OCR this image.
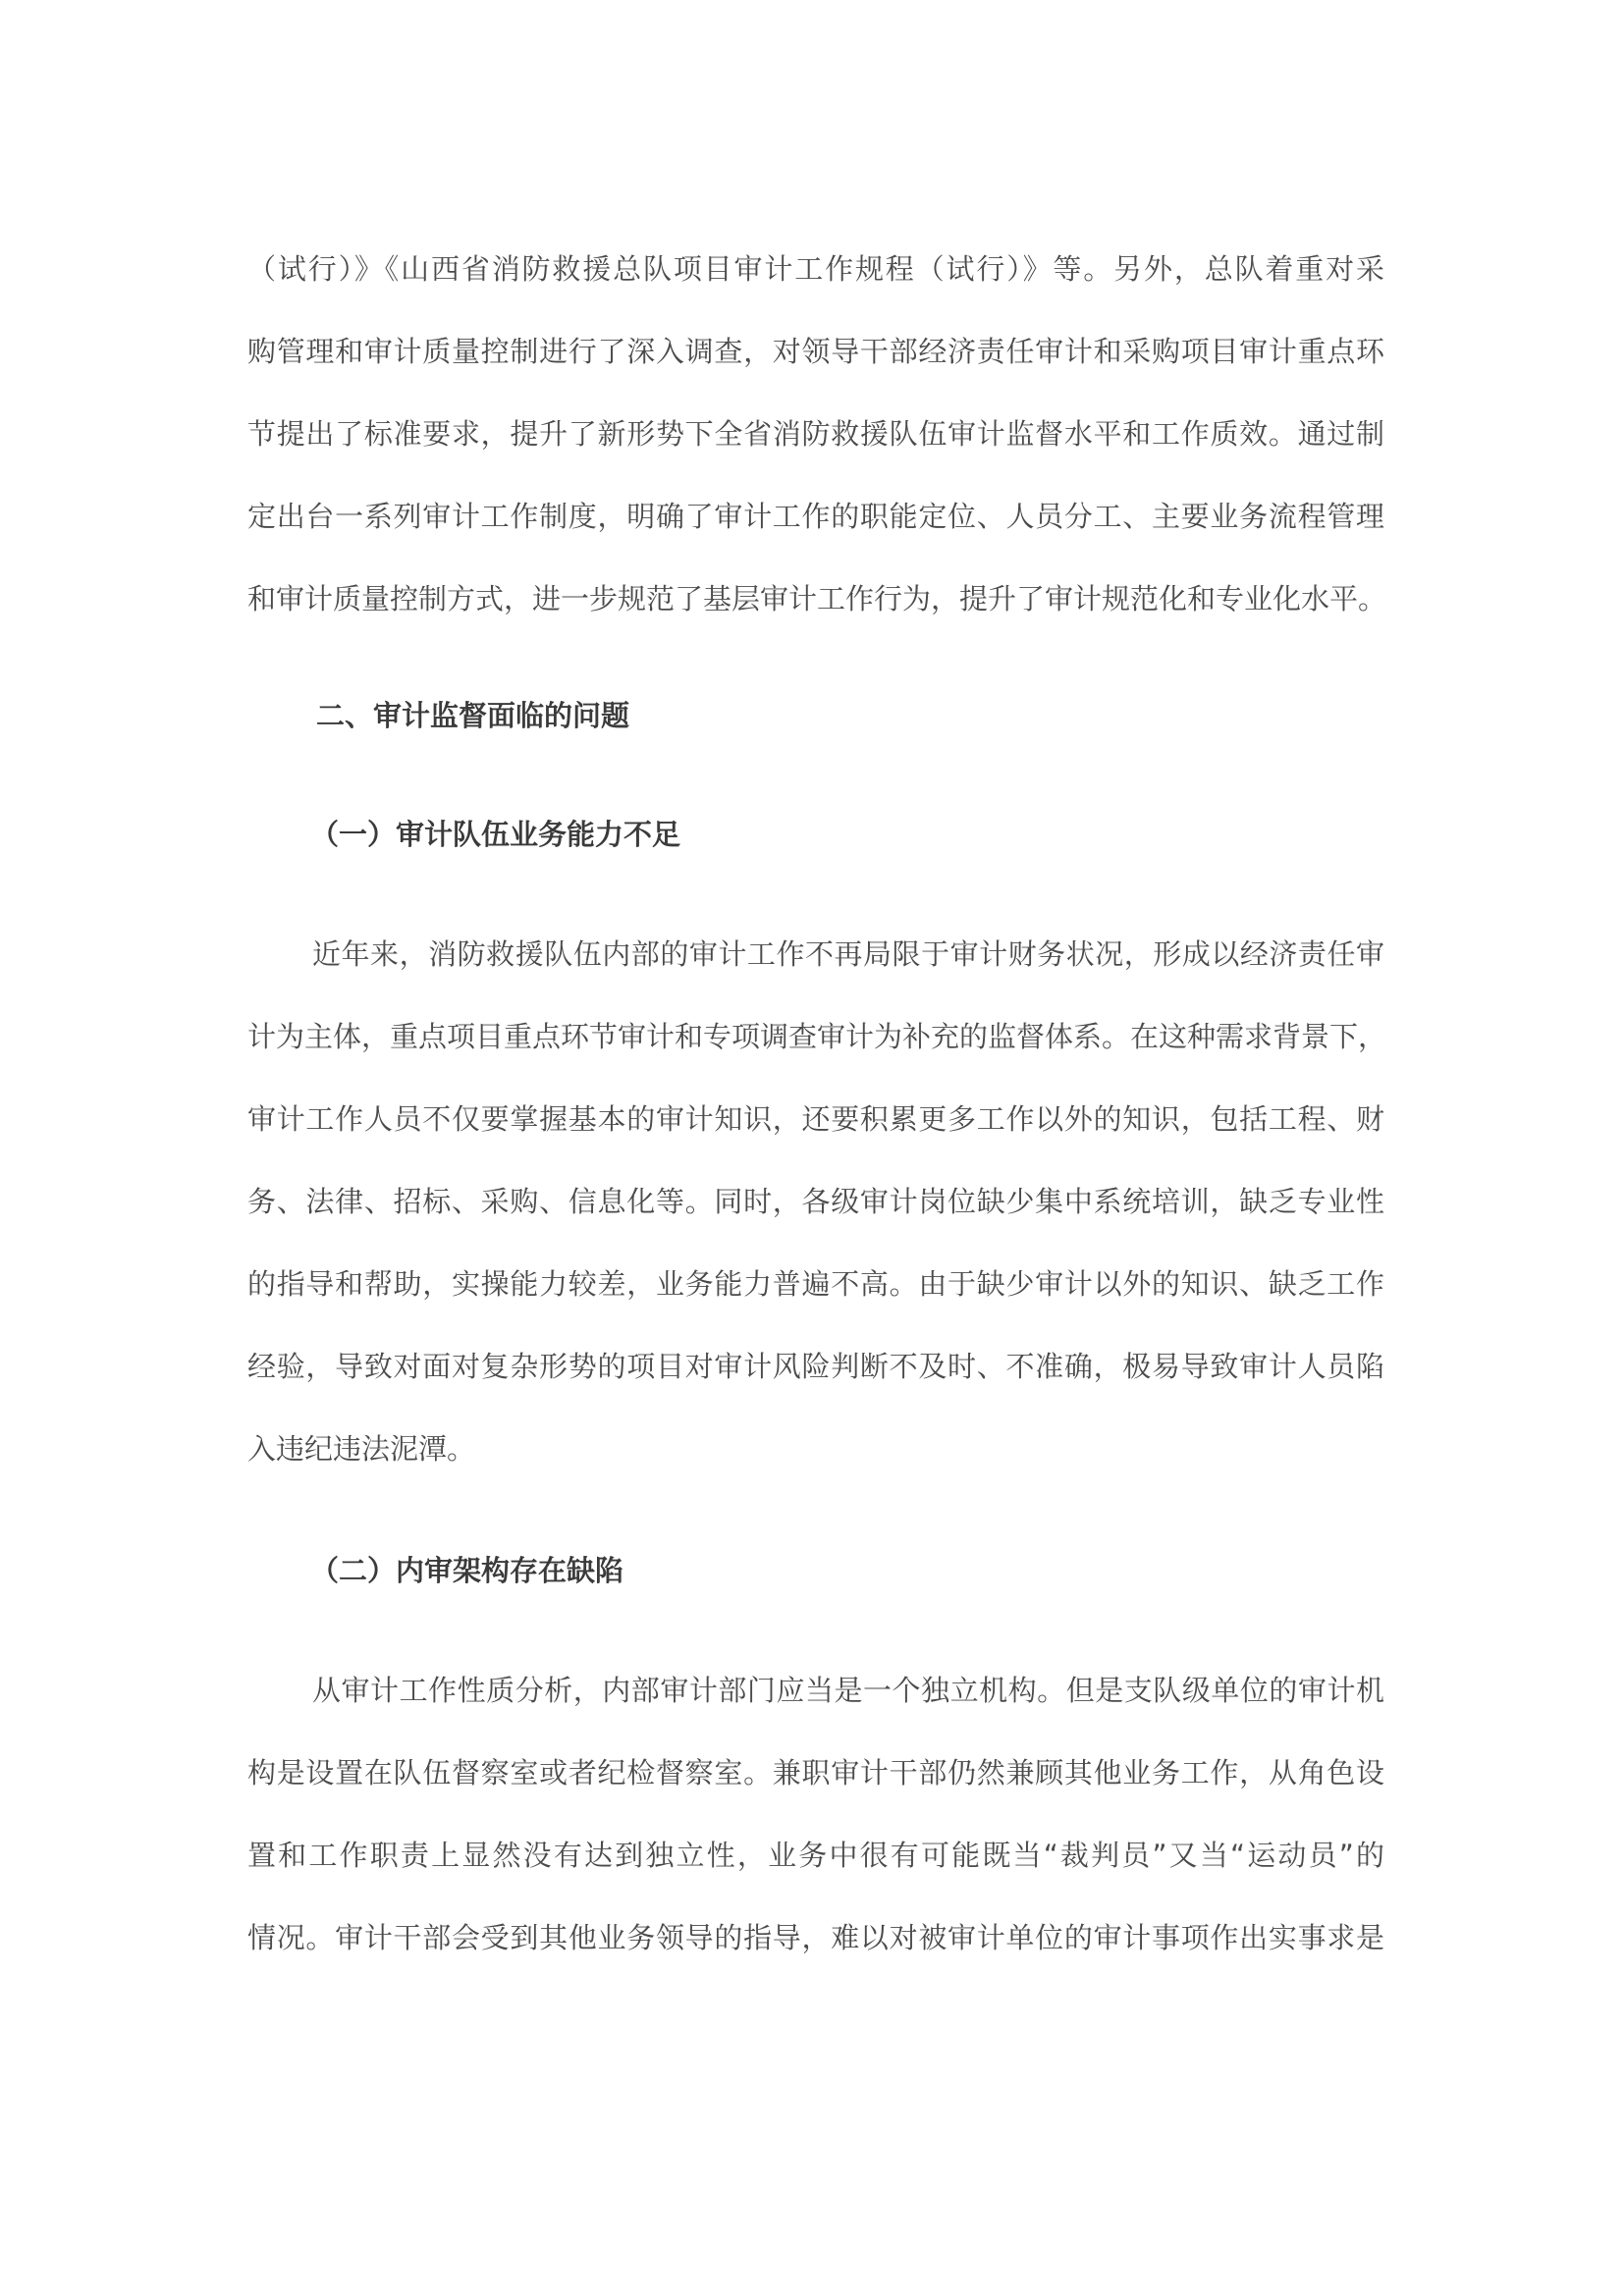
（试行）》《山西省消防救援总队项目审计工作规程（试行）》等。另外，总队着重对采
购管理和审计质量控制进行了深入调查，对领导干部经济责任审计和采购项目审计重点环
节提出了标准要求，提升了新形势下全省消防救援队伍审计监督水平和工作质效。通过制
定出台一系列审计工作制度，明确了审计工作的职能定位、人员分工、主要业务流程管理
和审计质量控制方式，进一步规范了基层审计工作行为，提升了审计规范化和专业化水平。
二、审计监督面临的问题
（一）审计队伍业务能力不足
近年来，消防救援队伍内部的审计工作不再局限于审计财务状况，形成以经济责任审
计为主体，重点项目重点环节审计和专项调查审计为补充的监督体系。在这种需求背景下，
审计工作人员不仅要掌握基本的审计知识，还要积累更多工作以外的知识，包括工程、财
务、法律、招标、采购、信息化等。同时，各级审计岗位缺少集中系统培训，缺乏专业性
的指导和帮助，实操能力较差，业务能力普遍不高。由于缺少审计以外的知识、缺乏工作
经验，导致对面对复杂形势的项目对审计风险判断不及时、不准确，极易导致审计人员陷
入违纪违法泥潭。
（二）内审架构存在缺陷
从审计工作性质分析，内部审计部门应当是一个独立机构。但是支队级单位的审计机
构是设置在队伍督察室或者纪检督察室。兼职审计干部仍然兼顾其他业务工作，从角色设
置和工作职责上显然没有达到独立性，业务中很有可能既当“裁判员”又当“运动员”的
情况。审计干部会受到其他业务领导的指导，难以对被审计单位的审计事项作出实事求是
